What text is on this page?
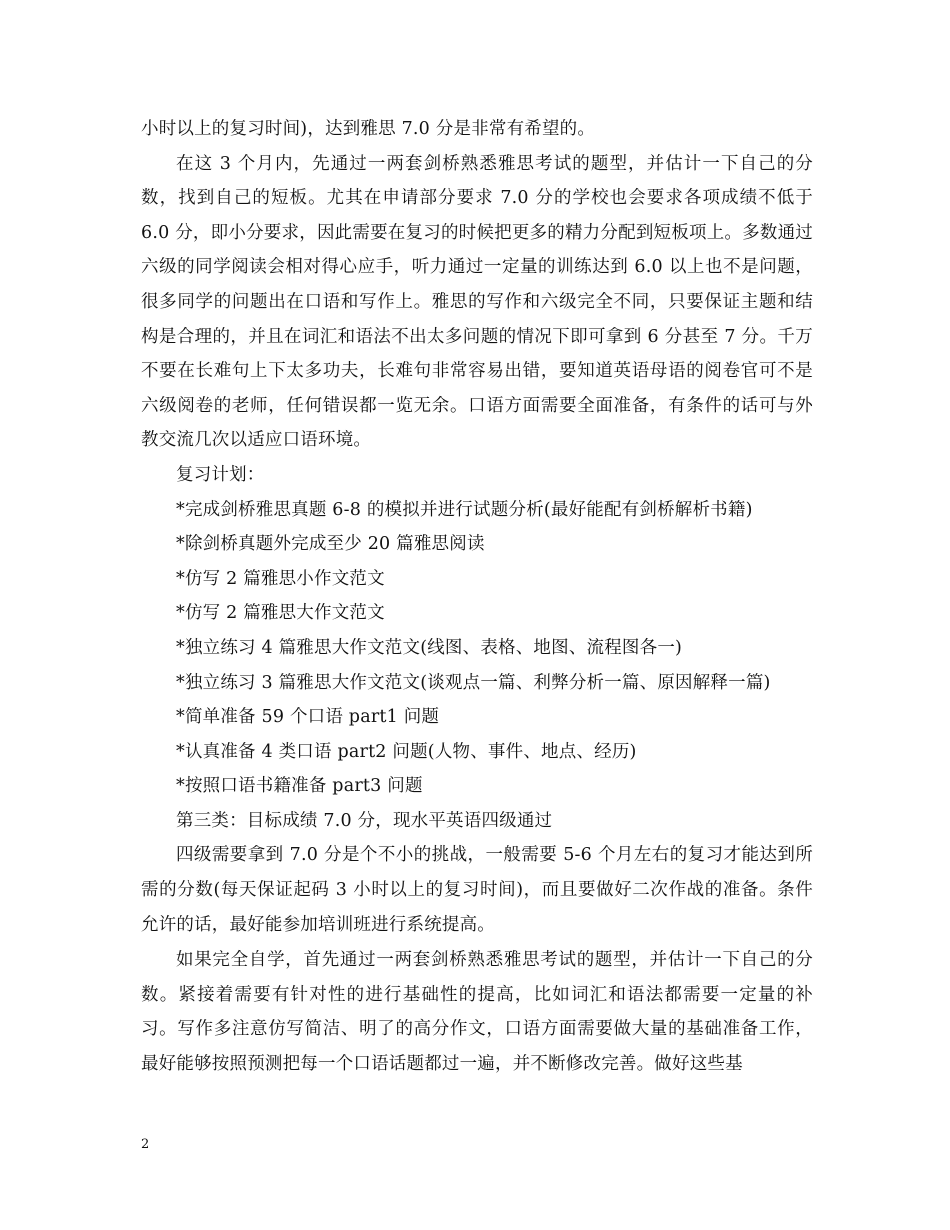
小时以上的复习时间)，达到雅思 7.0 分是非常有希望的。

在这 3 个月内，先通过一两套剑桥熟悉雅思考试的题型，并估计一下自己的分数，找到自己的短板。尤其在申请部分要求 7.0 分的学校也会要求各项成绩不低于 6.0 分，即小分要求，因此需要在复习的时候把更多的精力分配到短板项上。多数通过六级的同学阅读会相对得心应手，听力通过一定量的训练达到 6.0 以上也不是问题，很多同学的问题出在口语和写作上。雅思的写作和六级完全不同，只要保证主题和结构是合理的，并且在词汇和语法不出太多问题的情况下即可拿到 6 分甚至 7 分。千万不要在长难句上下太多功夫，长难句非常容易出错，要知道英语母语的阅卷官可不是六级阅卷的老师，任何错误都一览无余。口语方面需要全面准备，有条件的话可与外教交流几次以适应口语环境。

复习计划：

*完成剑桥雅思真题 6-8 的模拟并进行试题分析(最好能配有剑桥解析书籍)

*除剑桥真题外完成至少 20 篇雅思阅读

*仿写 2 篇雅思小作文范文

*仿写 2 篇雅思大作文范文

*独立练习 4 篇雅思大作文范文(线图、表格、地图、流程图各一)

*独立练习 3 篇雅思大作文范文(谈观点一篇、利弊分析一篇、原因解释一篇)

*简单准备 59 个口语 part1 问题

*认真准备 4 类口语 part2 问题(人物、事件、地点、经历)

*按照口语书籍准备 part3 问题

第三类：目标成绩 7.0 分，现水平英语四级通过

四级需要拿到 7.0 分是个不小的挑战，一般需要 5-6 个月左右的复习才能达到所需的分数(每天保证起码 3 小时以上的复习时间)，而且要做好二次作战的准备。条件允许的话，最好能参加培训班进行系统提高。

如果完全自学，首先通过一两套剑桥熟悉雅思考试的题型，并估计一下自己的分数。紧接着需要有针对性的进行基础性的提高，比如词汇和语法都需要一定量的补习。写作多注意仿写简洁、明了的高分作文，口语方面需要做大量的基础准备工作，最好能够按照预测把每一个口语话题都过一遍，并不断修改完善。做好这些基

2
